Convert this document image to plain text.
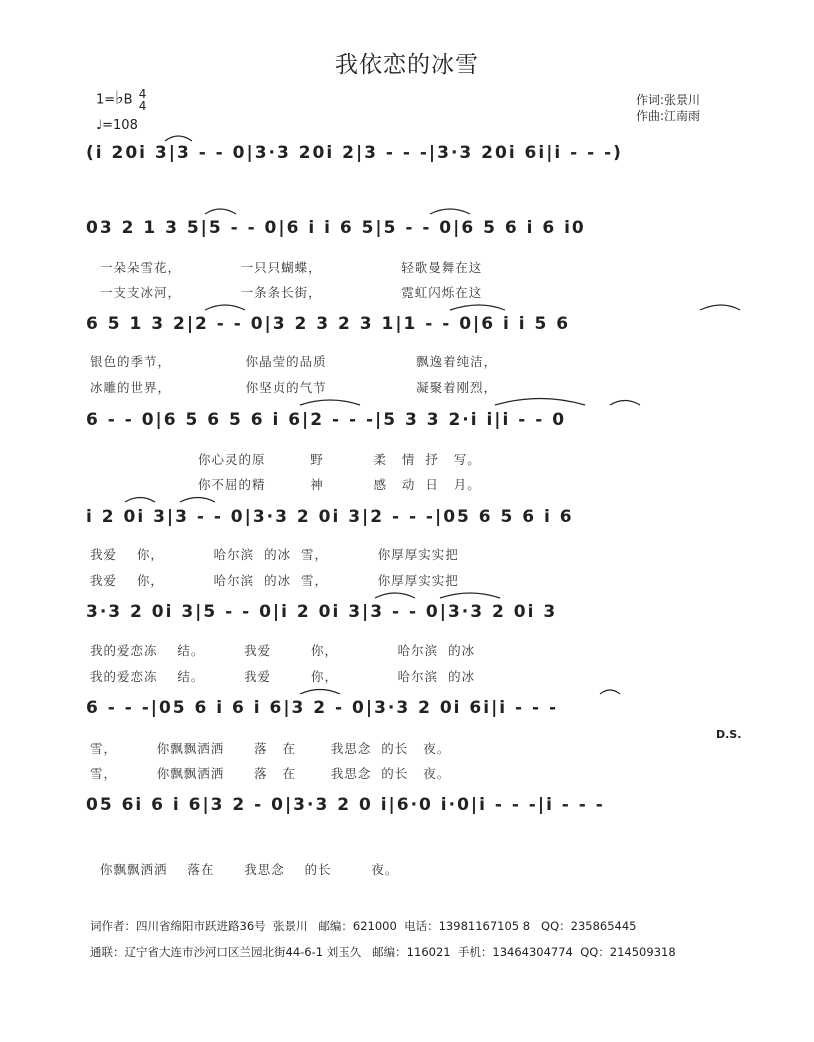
我依恋的冰雪
1=♭B 4
4
♩=108
作词:张景川
作曲:江南雨
(i 20i 3|3 - - 0|3·3 20i 2|3 - - -|3·3 20i 6i|i - - -)
03 2 1 3 5|5 - - 0|6 i i 6 5|5 - - 0|6 5 6 i 6 i0
一朵朵雪花，            一只只蝴蝶，                轻歌曼舞在这
一支支冰河，            一条条长街，                霓虹闪烁在这
6 5 1 3 2|2 - - 0|3 2 3 2 3 1|1 - - 0|6 i i 5 6
银色的季节，               你晶莹的品质                  飘逸着纯洁，
冰雕的世界，               你坚贞的气节                  凝聚着刚烈，
6 - - 0|6 5 6 5 6 i 6|2 - - -|5 3 3 2·i i|i - - 0
你心灵的原         野          柔   情  抒   写。
你不屈的精         神          感   动  日   月。
i 2 0i 3|3 - - 0|3·3 2 0i 3|2 - - -|05 6 5 6 i 6
我爱    你，          哈尔滨  的冰  雪，          你厚厚实实把
我爱    你，          哈尔滨  的冰  雪，          你厚厚实实把
3·3 2 0i 3|5 - - 0|i 2 0i 3|3 - - 0|3·3 2 0i 3
我的爱恋冻    结。        我爱        你，            哈尔滨  的冰
我的爱恋冻    结。        我爱        你，            哈尔滨  的冰
6 - - -|05 6 i 6 i 6|3 2 - 0|3·3 2 0i 6i|i - - -
雪，        你飘飘洒洒      落   在       我思念  的长   夜。
雪，        你飘飘洒洒      落   在       我思念  的长   夜。
D.S.
05 6i 6 i 6|3 2 - 0|3·3 2 0 i|6·0 i·0|i - - -|i - - -
你飘飘洒洒    落在      我思念    的长        夜。
词作者：四川省绵阳市跃进路36号  张景川   邮编：621000  电话：13981167105 8   QQ：235865445
通联：辽宁省大连市沙河口区兰园北街44-6-1 刘玉久   邮编：116021  手机：13464304774  QQ：214509318
